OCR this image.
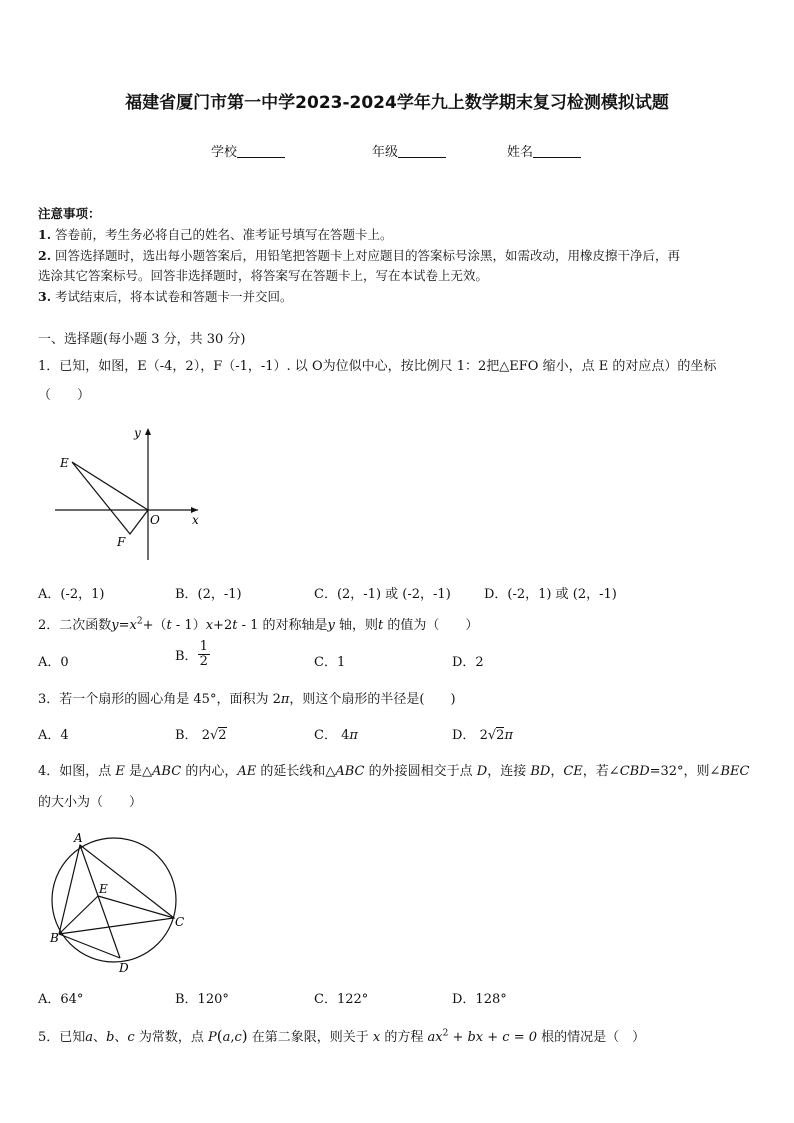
福建省厦门市第一中学2023-2024学年九上数学期末复习检测模拟试题
学校	年级	姓名
注意事项：
1. 答卷前，考生务必将自己的姓名、准考证号填写在答题卡上。
2. 回答选择题时，选出每小题答案后，用铅笔把答题卡上对应题目的答案标号涂黑，如需改动，用橡皮擦干净后，再
选涂其它答案标号。回答非选择题时，将答案写在答题卡上，写在本试卷上无效。
3. 考试结束后，将本试卷和答题卡一并交回。
一、选择题(每小题 3 分，共 30 分)
1．已知，如图，E（-4，2），F（-1，-1）. 以 O为位似中心，按比例尺 1：2把△EFO 缩小，点 E 的对应点）的坐标
（　　）
E
F
O	x
y
A．(-2，1)	B．(2，-1)	C．(2，-1) 或 (-2，-1)	D．(-2，1) 或 (2，-1)
2．二次函数$y=x^2+(t - 1)x+2t - 1$ 的对称轴是y 轴，则t 的值为（　　）
A．0	B． $\frac{1}{2}$	C．1	D．2
3．若一个扇形的圆心角是 45°，面积为 2π，则这个扇形的半径是(　　)
A．4	B． 2√2	C． 4π	D． 2√2π
4．如图，点 E 是△ABC 的内心，AE 的延长线和△ABC 的外接圆相交于点 D，连接 BD，CE，若∠CBD=32°，则∠BEC
的大小为（　　）
A
B
C
D
E
A．64°	B．120°	C．122°	D．128°
5．已知a、b、c 为常数，点 P(a,c) 在第二象限，则关于 x 的方程 $ax^2$ + bx + c = 0 根的情况是（　）
